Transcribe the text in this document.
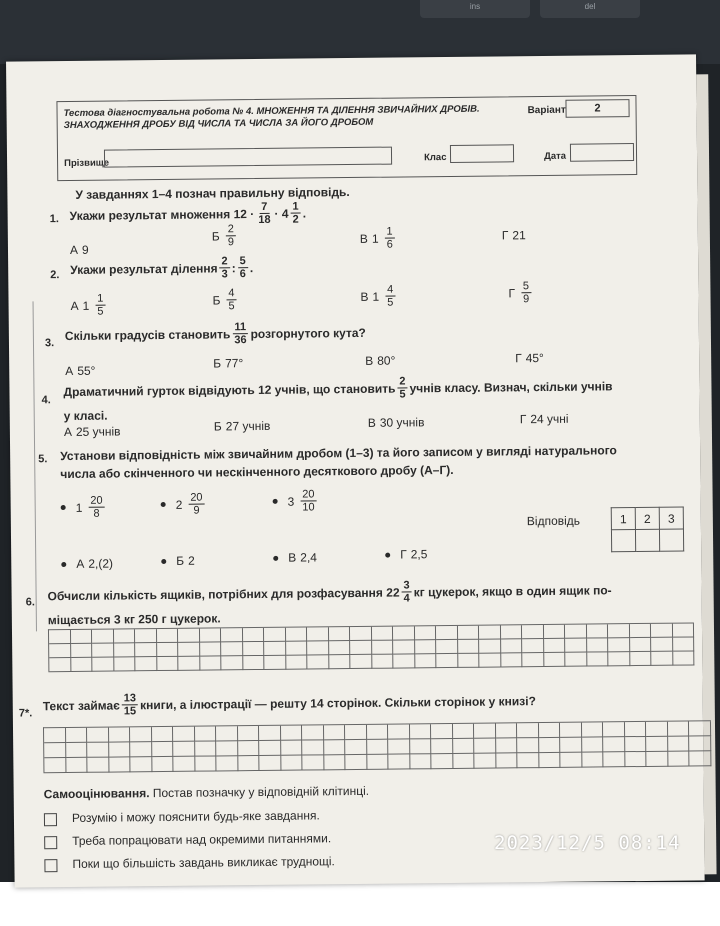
ins	del
Тестова діагностувальна робота № 4. МНОЖЕННЯ ТА ДІЛЕННЯ ЗВИЧАЙНИХ ДРОБІВ.
ЗНАХОДЖЕННЯ ДРОБУ ВІД ЧИСЛА ТА ЧИСЛА ЗА ЙОГО ДРОБОМ
Варіант	2
Прізвище	Клас	Дата
У завданнях 1–4 познач правильну відповідь.
1. Укажи результат множення $12 \cdot \frac{7}{18} \cdot 4 \frac{1}{2}$ .
А 9
Б $\frac{2}{9}$	В $1 \frac{1}{6}$	Г 21
2. Укажи результат ділення $\frac{2}{3}$ : $\frac{5}{6}$ .
А $1 \frac{1}{5}$	Б $\frac{4}{5}$	В $1 \frac{4}{5}$	Г $\frac{5}{9}$
3.
Скільки градусів становить $\frac{11}{36}$ розгорнутого кута?
А 55°
Б 77°	В 80°	Г 45°
4.
Драматичний гурток відвідують 12 учнів, що становить $\frac{2}{5}$ учнів класу. Визнач, скільки учнів
у класі.
А 25 учнів	Б 27 учнів	В 30 учнів	Г 24 учні
5. Установи відповідність між звичайним дробом (1–3) та його записом у вигляді натурального
числа або скінченного чи нескінченного десяткового дробу (А–Г).
$1 \frac{20}{8}$	$2 \frac{20}{9}$	$3 \frac{20}{10}$
Відповідь	1	2	3

А 2,(2)	Б 2	В 2,4	Г 2,5
6. Обчисли кількість ящиків, потрібних для розфасування $22 \frac{3}{4}$ кг цукерок, якщо в один ящик по-
міщається 3 кг 250 г цукерок.
7*.
Текст займає $\frac{13}{15}$ книги, а ілюстрації — решту 14 сторінок. Скільки сторінок у книзі?
Самооцінювання. Постав позначку у відповідній клітинці.
Розумію і можу пояснити будь-яке завдання.
Треба попрацювати над окремими питаннями.
Поки що більшість завдань викликає труднощі.
2023/12/5 08:14
